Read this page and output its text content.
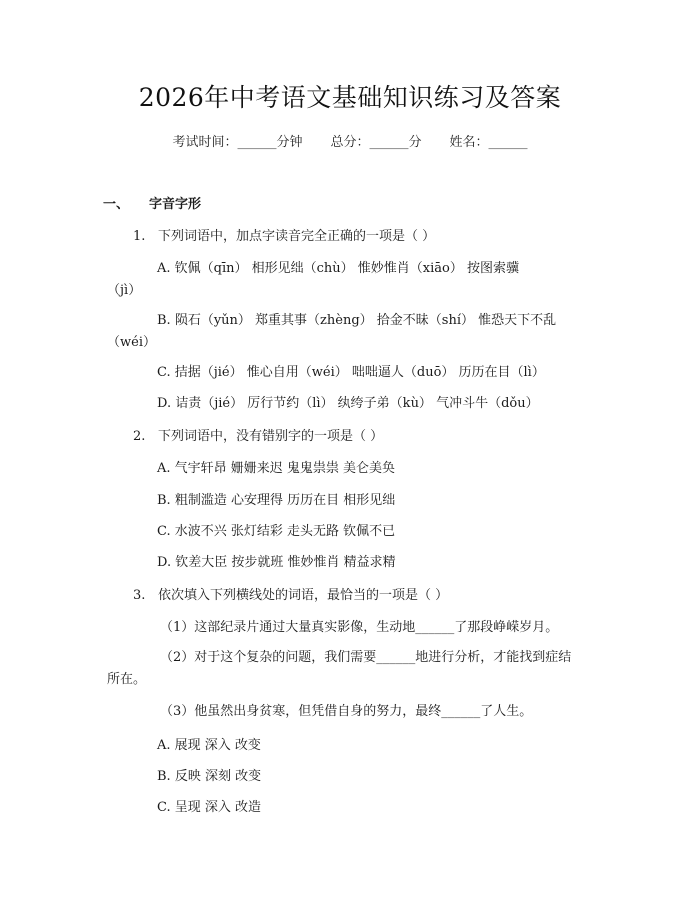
2026年中考语文基础知识练习及答案
考试时间：______分钟 总分：______分 姓名：______
一、 字音字形
1. 下列词语中，加点字读音完全正确的一项是（ ）
A. 钦佩（qīn） 相形见绌（chù） 惟妙惟肖（xiāo） 按图索骥
（jì）
B. 陨石（yǔn） 郑重其事（zhèng） 拾金不昧（shí） 惟恐天下不乱
（wéi）
C. 拮据（jié） 惟心自用（wéi） 咄咄逼人（duō） 历历在目（lì）
D. 诘责（jié） 厉行节约（lì） 纨绔子弟（kù） 气冲斗牛（dǒu）
2. 下列词语中，没有错别字的一项是（ ）
A. 气宇轩昂 姗姗来迟 鬼鬼祟祟 美仑美奂
B. 粗制滥造 心安理得 历历在目 相形见绌
C. 水波不兴 张灯结彩 走头无路 钦佩不已
D. 钦差大臣 按步就班 惟妙惟肖 精益求精
3. 依次填入下列横线处的词语，最恰当的一项是（ ）
（1）这部纪录片通过大量真实影像，生动地______了那段峥嵘岁月。
（2）对于这个复杂的问题，我们需要______地进行分析，才能找到症结
所在。
（3）他虽然出身贫寒，但凭借自身的努力，最终______了人生。
A. 展现 深入 改变
B. 反映 深刻 改变
C. 呈现 深入 改造
